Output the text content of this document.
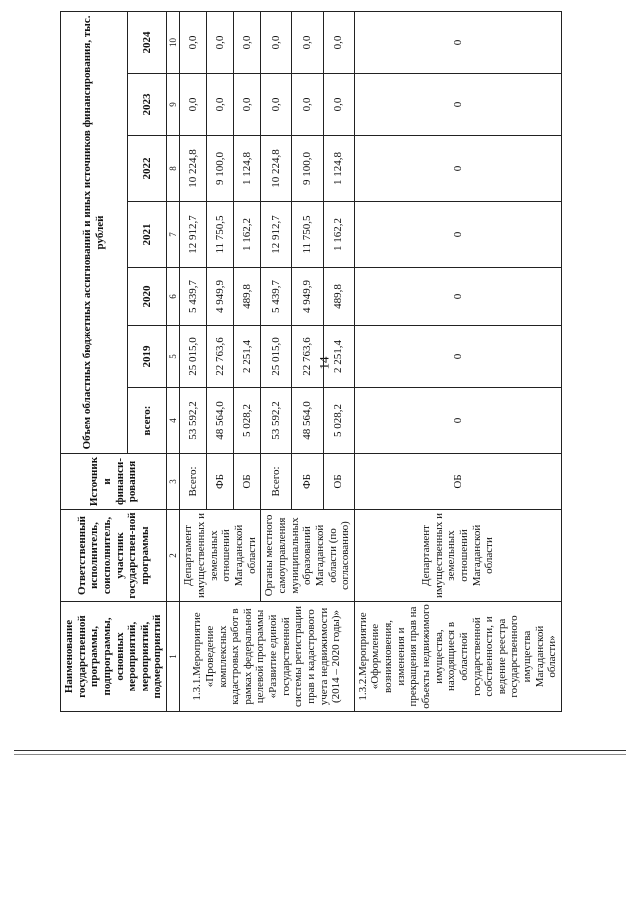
14
Наименование государственной программы, подпрограммы, основных мероприятий, мероприятий, подмероприятий	Ответственный исполнитель, соисполнитель, участник государствен-ной программы	Источники финанси-рования	Объем областных бюджетных ассигнований и иных источников финансирования, тыс. рублей						
			всего:	2019	2020	2021	2022	2023	2024
1	2	3	4	5	6	7	8	9	10
1.3.1.Мероприятие «Проведение комплексных кадастровых работ в рамках федеральной целевой программы «Развитие единой государственной системы регистрации прав и кадастрового учета недвижимости (2014 – 2020 годы)»	Департамент имущественных и земельных отношений Магаданской области	Всего:	53 592,2	25 015,0	5 439,7	12 912,7	10 224,8	0,0	0,0
		ФБ	48 564,0	22 763,6	4 949,9	11 750,5	9 100,0	0,0	0,0
		ОБ	5 028,2	2 251,4	489,8	1 162,2	1 124,8	0,0	0,0
	Органы местного самоуправления муниципальных образований Магаданской области (по согласованию)	Всего:	53 592,2	25 015,0	5 439,7	12 912,7	10 224,8	0,0	0,0
		ФБ	48 564,0	22 763,6	4 949,9	11 750,5	9 100,0	0,0	0,0
		ОБ	5 028,2	2 251,4	489,8	1 162,2	1 124,8	0,0	0,0
1.3.2.Мероприятие «Оформление возникновения, изменения и прекращения прав на объекты недвижимого имущества, находящиеся в областной государственной собственности, и ведение реестра государственного имущества Магаданской области»	Департамент имущественных и земельных отношений Магаданской области	ОБ	0	0	0	0	0	0	0
